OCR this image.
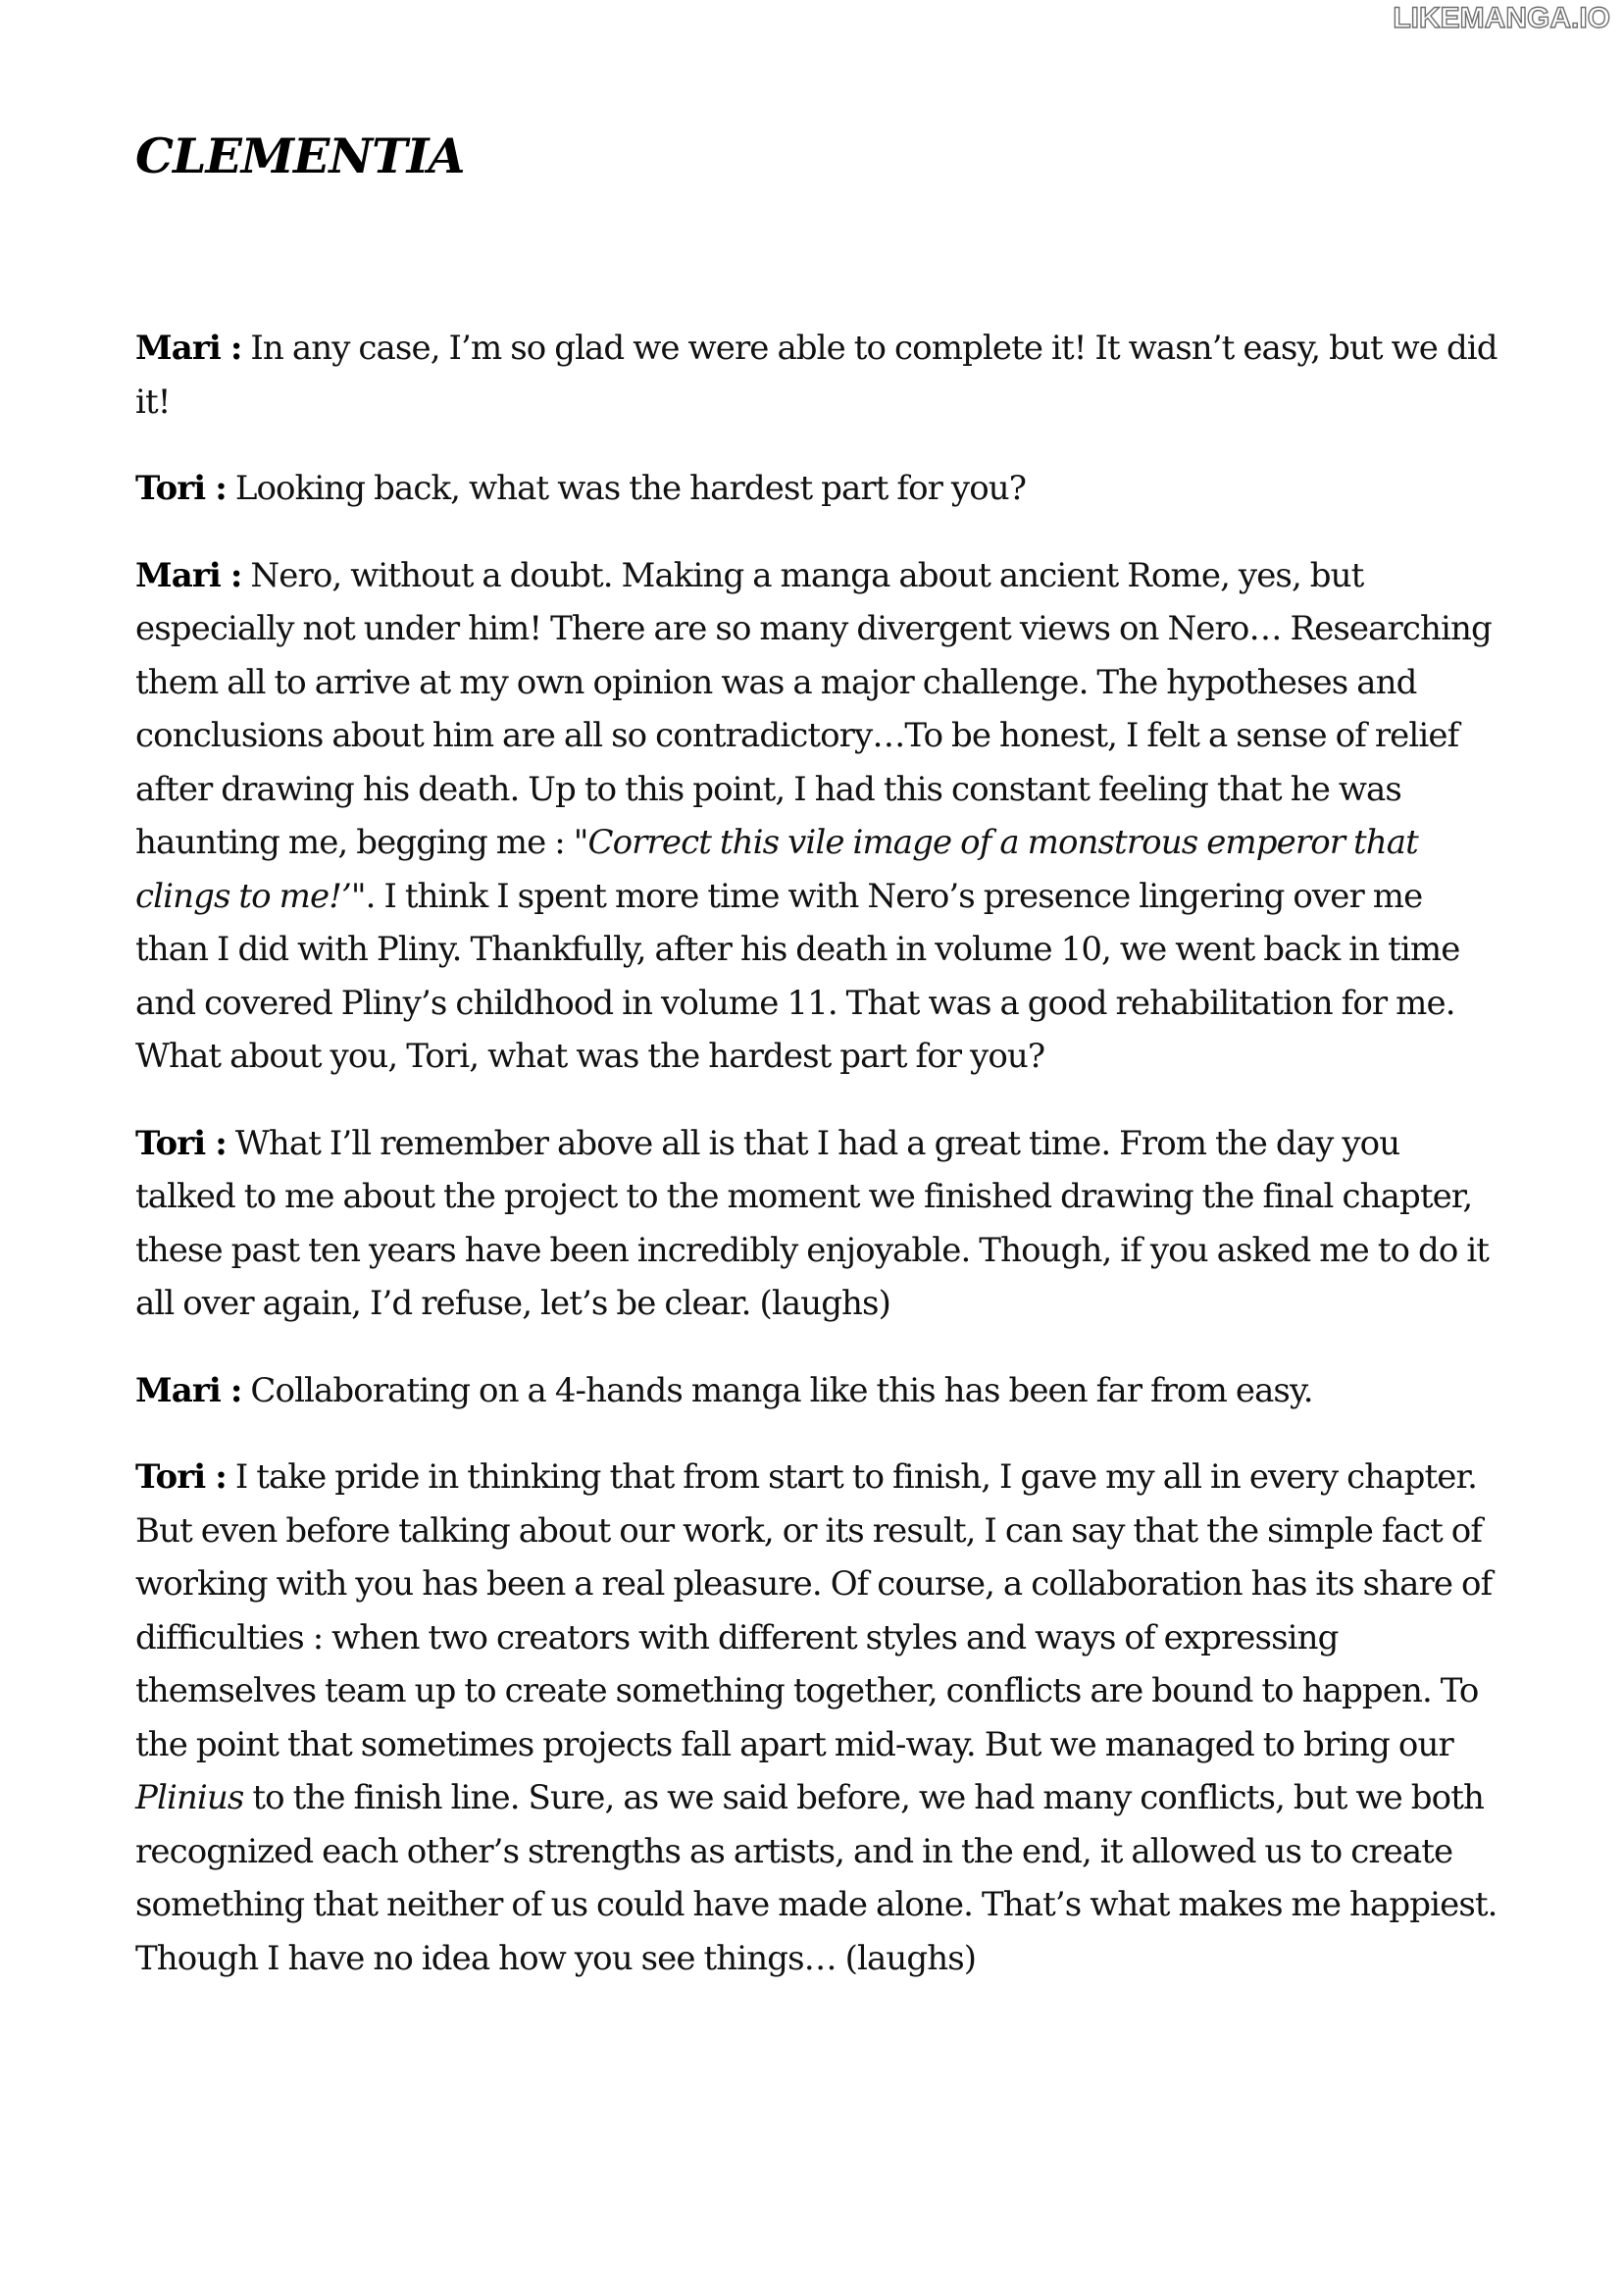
LIKEMANGA.IO
CLEMENTIA

Mari : In any case, I’m so glad we were able to complete it! It wasn’t easy, but we did it!

Tori : Looking back, what was the hardest part for you?

Mari : Nero, without a doubt. Making a manga about ancient Rome, yes, but especially not under him! There are so many divergent views on Nero… Researching them all to arrive at my own opinion was a major challenge. The hypotheses and conclusions about him are all so contradictory…To be honest, I felt a sense of relief after drawing his death. Up to this point, I had this constant feeling that he was haunting me, begging me : "Correct this vile image of a monstrous emperor that clings to me!’". I think I spent more time with Nero’s presence lingering over me than I did with Pliny. Thankfully, after his death in volume 10, we went back in time and covered Pliny’s childhood in volume 11. That was a good rehabilitation for me. What about you, Tori, what was the hardest part for you?

Tori : What I’ll remember above all is that I had a great time. From the day you talked to me about the project to the moment we finished drawing the final chapter, these past ten years have been incredibly enjoyable. Though, if you asked me to do it all over again, I’d refuse, let’s be clear. (laughs)

Mari : Collaborating on a 4-hands manga like this has been far from easy.

Tori : I take pride in thinking that from start to finish, I gave my all in every chapter. But even before talking about our work, or its result, I can say that the simple fact of working with you has been a real pleasure. Of course, a collaboration has its share of difficulties : when two creators with different styles and ways of expressing themselves team up to create something together, conflicts are bound to happen. To the point that sometimes projects fall apart mid-way. But we managed to bring our Plinius to the finish line. Sure, as we said before, we had many conflicts, but we both recognized each other’s strengths as artists, and in the end, it allowed us to create something that neither of us could have made alone. That’s what makes me happiest. Though I have no idea how you see things… (laughs)
